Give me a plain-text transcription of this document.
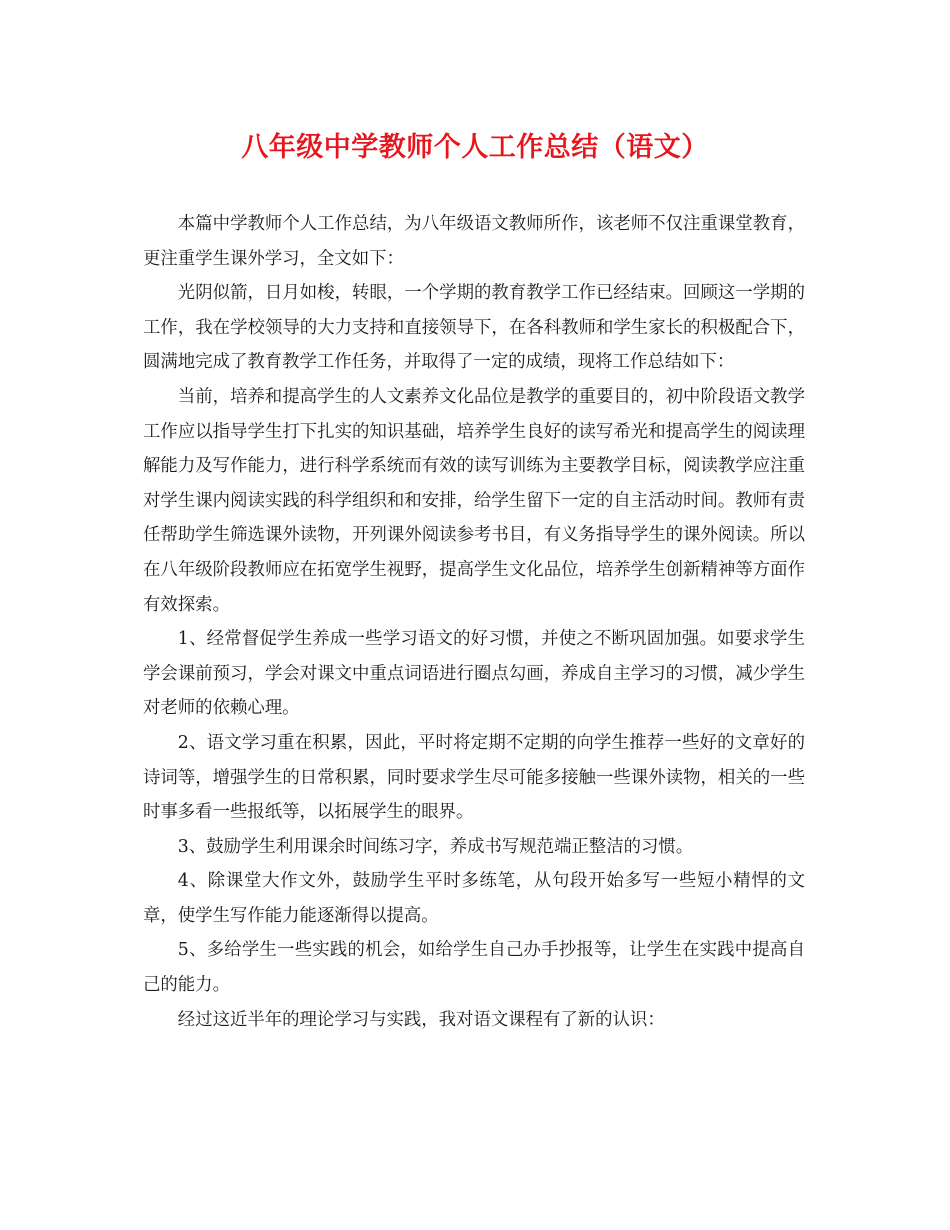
八年级中学教师个人工作总结（语文）

本篇中学教师个人工作总结，为八年级语文教师所作，该老师不仅注重课堂教育，更注重学生课外学习，全文如下：

光阴似箭，日月如梭，转眼，一个学期的教育教学工作已经结束。回顾这一学期的工作，我在学校领导的大力支持和直接领导下，在各科教师和学生家长的积极配合下，圆满地完成了教育教学工作任务，并取得了一定的成绩，现将工作总结如下：

当前，培养和提高学生的人文素养文化品位是教学的重要目的，初中阶段语文教学工作应以指导学生打下扎实的知识基础，培养学生良好的读写希光和提高学生的阅读理解能力及写作能力，进行科学系统而有效的读写训练为主要教学目标，阅读教学应注重对学生课内阅读实践的科学组织和和安排，给学生留下一定的自主活动时间。教师有责任帮助学生筛选课外读物，开列课外阅读参考书目，有义务指导学生的课外阅读。所以在八年级阶段教师应在拓宽学生视野，提高学生文化品位，培养学生创新精神等方面作有效探索。

1、经常督促学生养成一些学习语文的好习惯，并使之不断巩固加强。如要求学生学会课前预习，学会对课文中重点词语进行圈点勾画，养成自主学习的习惯，减少学生对老师的依赖心理。

2、语文学习重在积累，因此，平时将定期不定期的向学生推荐一些好的文章好的诗词等，增强学生的日常积累，同时要求学生尽可能多接触一些课外读物，相关的一些时事多看一些报纸等，以拓展学生的眼界。

3、鼓励学生利用课余时间练习字，养成书写规范端正整洁的习惯。

4、除课堂大作文外，鼓励学生平时多练笔，从句段开始多写一些短小精悍的文章，使学生写作能力能逐渐得以提高。

5、多给学生一些实践的机会，如给学生自己办手抄报等，让学生在实践中提高自己的能力。

经过这近半年的理论学习与实践，我对语文课程有了新的认识：
